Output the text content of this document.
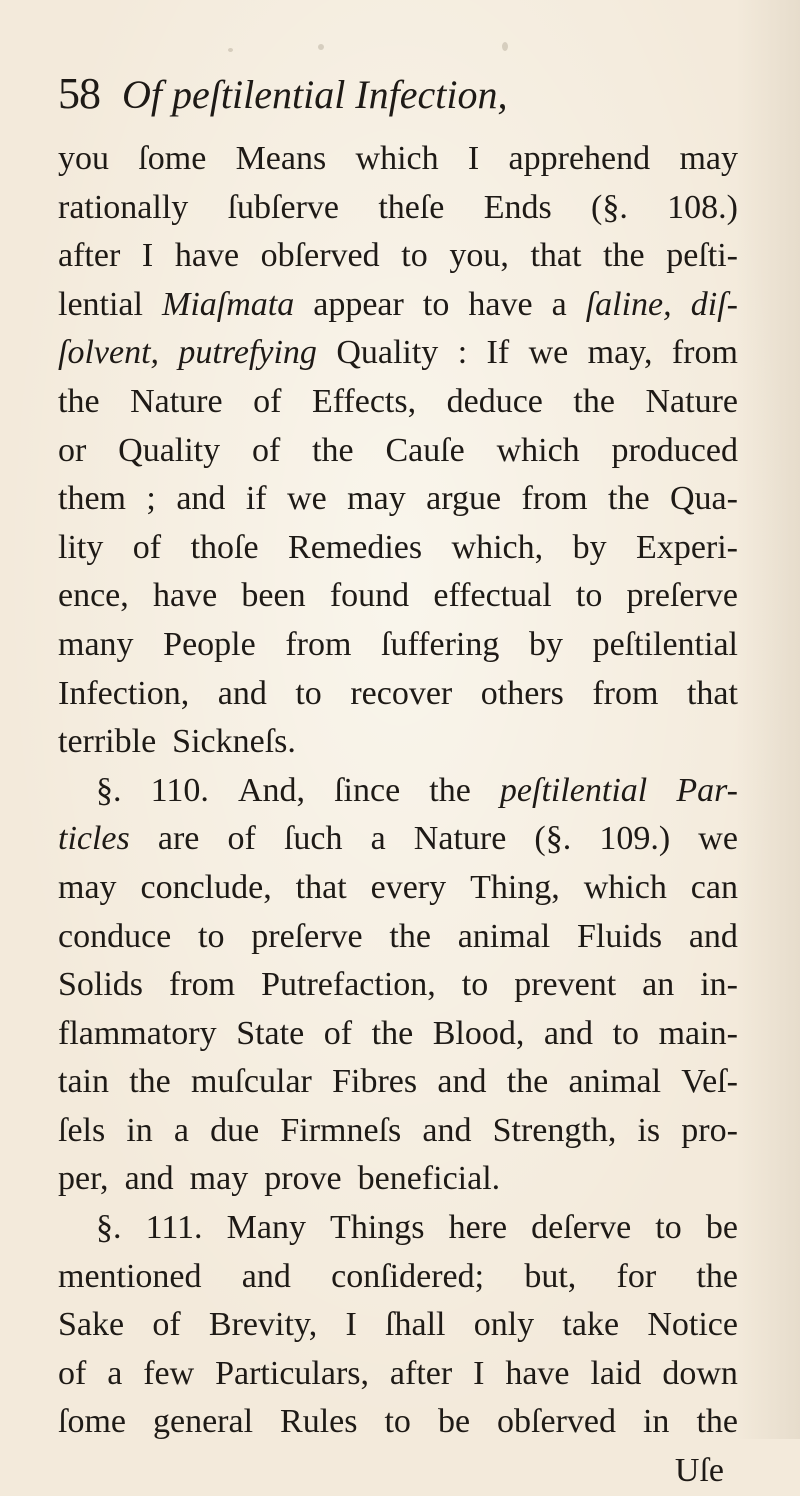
58 Of peſtilential Infection,
you ſome Means which I apprehend may
rationally ſubſerve theſe Ends (§. 108.)
after I have obſerved to you, that the peſti-
lential Miaſmata appear to have a ſaline, diſ-
ſolvent, putrefying Quality : If we may, from
the Nature of Effects, deduce the Nature
or Quality of the Cauſe which produced
them ; and if we may argue from the Qua-
lity of thoſe Remedies which, by Experi-
ence, have been found effectual to preſerve
many People from ſuffering by peſtilential
Infection, and to recover others from that
terrible Sickneſs.
§. 110. And, ſince the peſtilential Par-
ticles are of ſuch a Nature (§. 109.) we
may conclude, that every Thing, which can
conduce to preſerve the animal Fluids and
Solids from Putrefaction, to prevent an in-
flammatory State of the Blood, and to main-
tain the muſcular Fibres and the animal Veſ-
ſels in a due Firmneſs and Strength, is pro-
per, and may prove beneficial.
§. 111. Many Things here deſerve to be
mentioned and conſidered; but, for the
Sake of Brevity, I ſhall only take Notice
of a few Particulars, after I have laid down
ſome general Rules to be obſerved in the
Uſe
